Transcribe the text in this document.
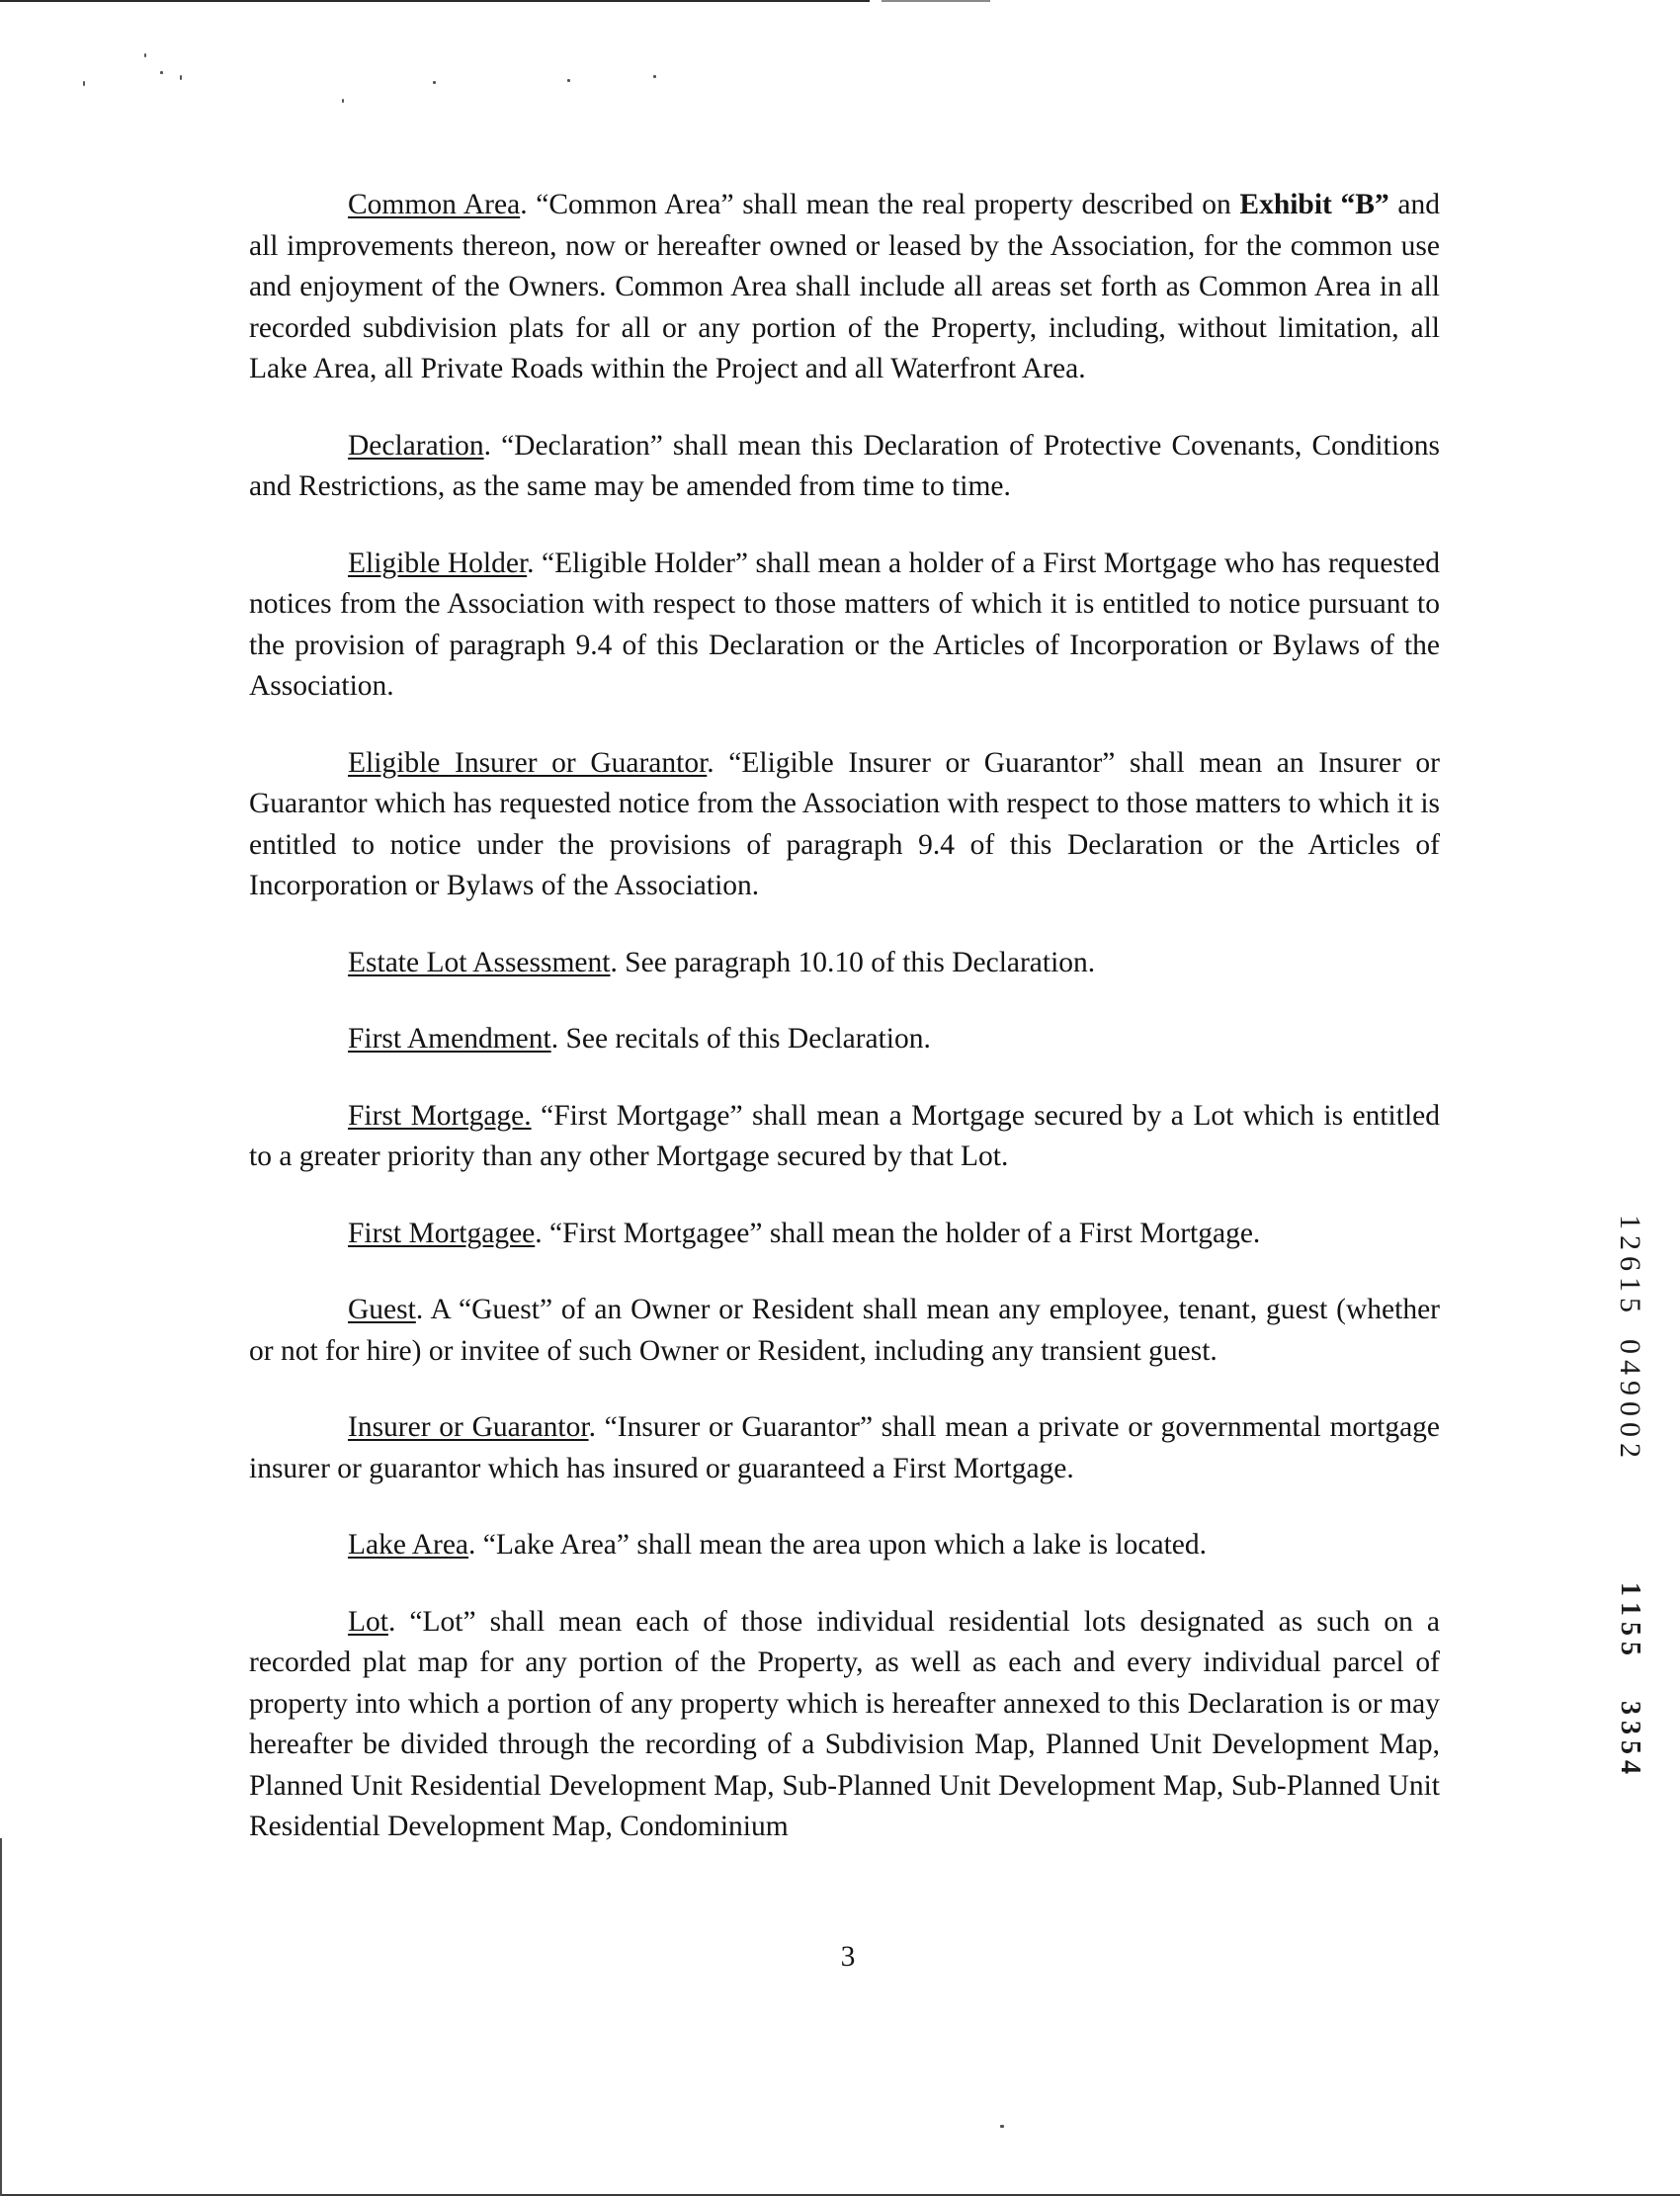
Common Area. “Common Area” shall mean the real property described on Exhibit “B” and all improvements thereon, now or hereafter owned or leased by the Association, for the common use and enjoyment of the Owners. Common Area shall include all areas set forth as Common Area in all recorded subdivision plats for all or any portion of the Property, including, without limitation, all Lake Area, all Private Roads within the Project and all Waterfront Area.

Declaration. “Declaration” shall mean this Declaration of Protective Covenants, Conditions and Restrictions, as the same may be amended from time to time.

Eligible Holder. “Eligible Holder” shall mean a holder of a First Mortgage who has requested notices from the Association with respect to those matters of which it is entitled to notice pursuant to the provision of paragraph 9.4 of this Declaration or the Articles of Incorporation or Bylaws of the Association.

Eligible Insurer or Guarantor. “Eligible Insurer or Guarantor” shall mean an Insurer or Guarantor which has requested notice from the Association with respect to those matters to which it is entitled to notice under the provisions of paragraph 9.4 of this Declaration or the Articles of Incorporation or Bylaws of the Association.

Estate Lot Assessment. See paragraph 10.10 of this Declaration.

First Amendment. See recitals of this Declaration.

First Mortgage. “First Mortgage” shall mean a Mortgage secured by a Lot which is entitled to a greater priority than any other Mortgage secured by that Lot.

First Mortgagee. “First Mortgagee” shall mean the holder of a First Mortgage.

Guest. A “Guest” of an Owner or Resident shall mean any employee, tenant, guest (whether or not for hire) or invitee of such Owner or Resident, including any transient guest.

Insurer or Guarantor. “Insurer or Guarantor” shall mean a private or governmental mortgage insurer or guarantor which has insured or guaranteed a First Mortgage.

Lake Area. “Lake Area” shall mean the area upon which a lake is located.

Lot. “Lot” shall mean each of those individual residential lots designated as such on a recorded plat map for any portion of the Property, as well as each and every individual parcel of property into which a portion of any property which is hereafter annexed to this Declaration is or may hereafter be divided through the recording of a Subdivision Map, Planned Unit Development Map, Planned Unit Residential Development Map, Sub-Planned Unit Development Map, Sub-Planned Unit Residential Development Map, Condominium

3
1
2
6
1
5

0
4
9
0
0
2
1
1
5
5

3
3
5
4
